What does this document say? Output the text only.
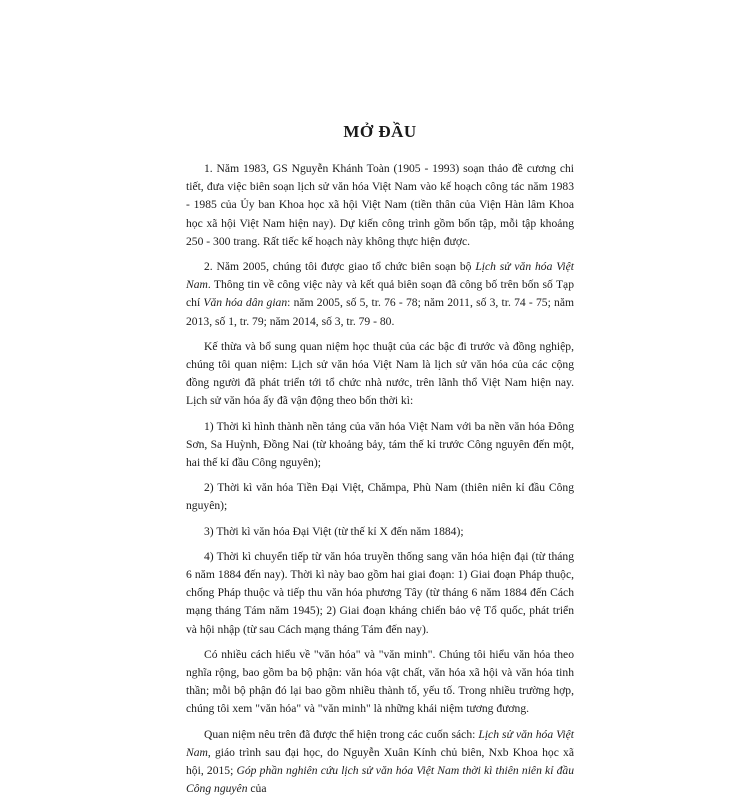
MỞ ĐẦU

1. Năm 1983, GS Nguyễn Khánh Toàn (1905 - 1993) soạn thảo đề cương chi tiết, đưa việc biên soạn lịch sử văn hóa Việt Nam vào kế hoạch công tác năm 1983 - 1985 của Ủy ban Khoa học xã hội Việt Nam (tiền thân của Viện Hàn lâm Khoa học xã hội Việt Nam hiện nay). Dự kiến công trình gồm bốn tập, mỗi tập khoảng 250 - 300 trang. Rất tiếc kế hoạch này không thực hiện được.

2. Năm 2005, chúng tôi được giao tổ chức biên soạn bộ Lịch sử văn hóa Việt Nam. Thông tin về công việc này và kết quả biên soạn đã công bố trên bốn số Tạp chí Văn hóa dân gian: năm 2005, số 5, tr. 76 - 78; năm 2011, số 3, tr. 74 - 75; năm 2013, số 1, tr. 79; năm 2014, số 3, tr. 79 - 80.

Kế thừa và bổ sung quan niệm học thuật của các bậc đi trước và đồng nghiệp, chúng tôi quan niệm: Lịch sử văn hóa Việt Nam là lịch sử văn hóa của các cộng đồng người đã phát triển tới tổ chức nhà nước, trên lãnh thổ Việt Nam hiện nay. Lịch sử văn hóa ấy đã vận động theo bốn thời kì:

1) Thời kì hình thành nền tảng của văn hóa Việt Nam với ba nền văn hóa Đông Sơn, Sa Huỳnh, Đồng Nai (từ khoảng bảy, tám thế kỉ trước Công nguyên đến một, hai thế kỉ đầu Công nguyên);

2) Thời kì văn hóa Tiền Đại Việt, Chămpa, Phù Nam (thiên niên kỉ đầu Công nguyên);

3) Thời kì văn hóa Đại Việt (từ thế kỉ X đến năm 1884);

4) Thời kì chuyển tiếp từ văn hóa truyền thống sang văn hóa hiện đại (từ tháng 6 năm 1884 đến nay). Thời kì này bao gồm hai giai đoạn: 1) Giai đoạn Pháp thuộc, chống Pháp thuộc và tiếp thu văn hóa phương Tây (từ tháng 6 năm 1884 đến Cách mạng tháng Tám năm 1945); 2) Giai đoạn kháng chiến bảo vệ Tổ quốc, phát triển và hội nhập (từ sau Cách mạng tháng Tám đến nay).

Có nhiều cách hiểu về "văn hóa" và "văn minh". Chúng tôi hiểu văn hóa theo nghĩa rộng, bao gồm ba bộ phận: văn hóa vật chất, văn hóa xã hội và văn hóa tinh thần; mỗi bộ phận đó lại bao gồm nhiều thành tố, yếu tố. Trong nhiều trường hợp, chúng tôi xem "văn hóa" và "văn minh" là những khái niệm tương đương.

Quan niệm nêu trên đã được thể hiện trong các cuốn sách: Lịch sử văn hóa Việt Nam, giáo trình sau đại học, do Nguyễn Xuân Kính chủ biên, Nxb Khoa học xã hội, 2015; Góp phần nghiên cứu lịch sử văn hóa Việt Nam thời kì thiên niên kỉ đầu Công nguyên của
